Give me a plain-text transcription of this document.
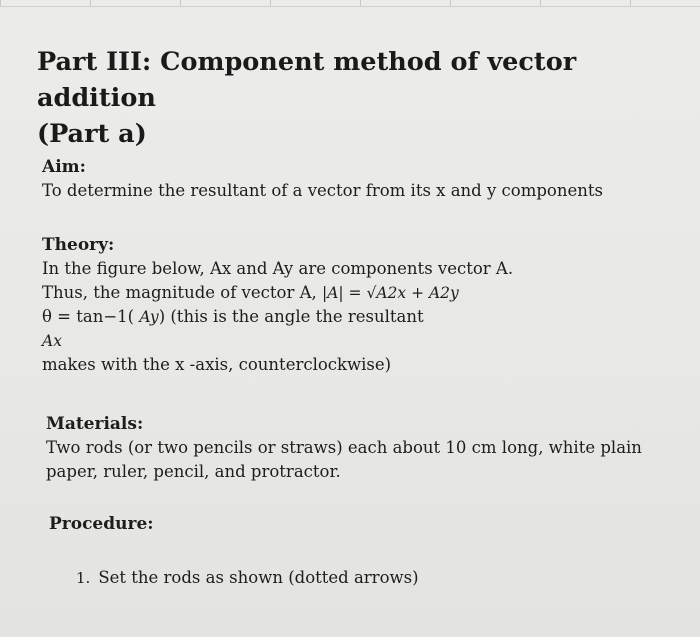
Part III: Component method of vector addition
(Part a)
Aim:
To determine the resultant of a vector from its x and y components
Theory:
In the figure below, Ax and Ay are components vector A.
Thus, the magnitude of vector A, |A| = √A2x + A2y
θ = tan−1( Ay) (this is the angle the resultant
Ax
makes with the x -axis, counterclockwise)
Materials:
Two rods (or two pencils or straws) each about 10 cm long, white plain
paper, ruler, pencil, and protractor.
Procedure:
1. Set the rods as shown (dotted arrows)
